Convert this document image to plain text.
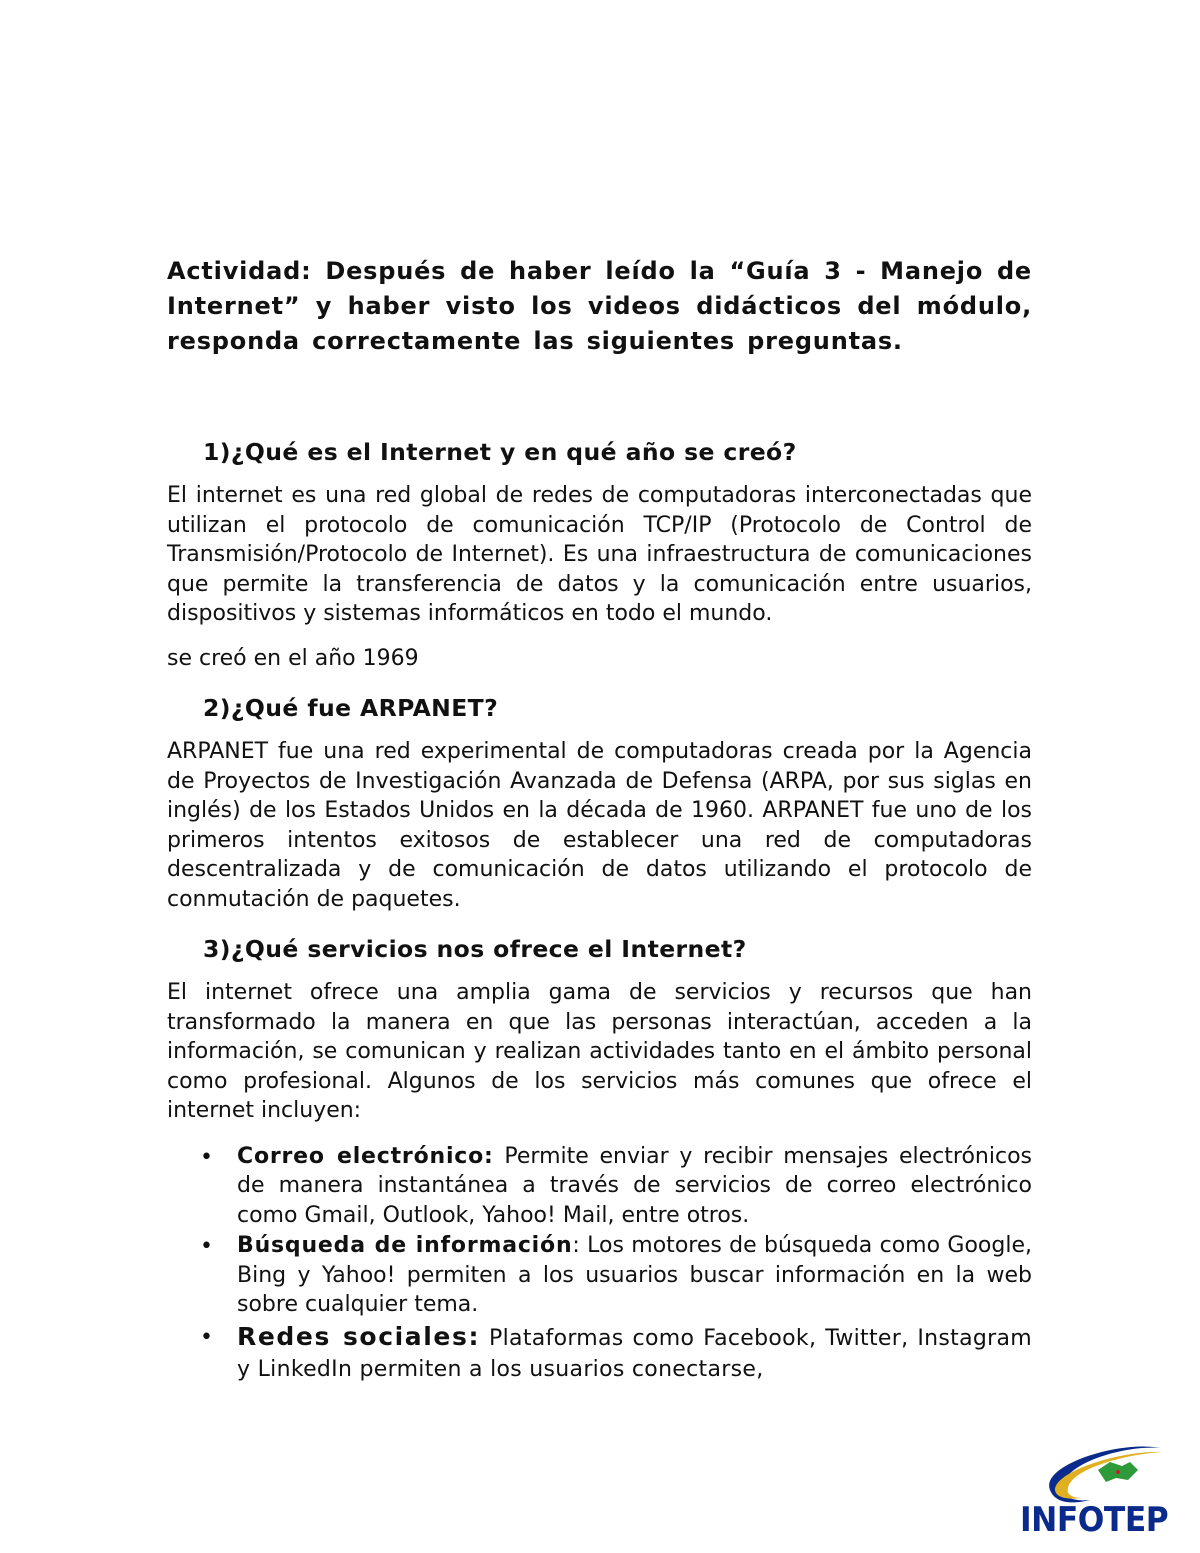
Actividad: Después de haber leído la “Guía 3 - Manejo de Internet” y haber visto los videos didácticos del módulo, responda correctamente las siguientes preguntas.

1)¿Qué es el Internet y en qué año se creó?

El internet es una red global de redes de computadoras interconectadas que utilizan el protocolo de comunicación TCP/IP (Protocolo de Control de Transmisión/Protocolo de Internet). Es una infraestructura de comunicaciones que permite la transferencia de datos y la comunicación entre usuarios, dispositivos y sistemas informáticos en todo el mundo.

se creó en el año 1969

2)¿Qué fue ARPANET?

ARPANET fue una red experimental de computadoras creada por la Agencia de Proyectos de Investigación Avanzada de Defensa (ARPA, por sus siglas en inglés) de los Estados Unidos en la década de 1960. ARPANET fue uno de los primeros intentos exitosos de establecer una red de computadoras descentralizada y de comunicación de datos utilizando el protocolo de conmutación de paquetes.

3)¿Qué servicios nos ofrece el Internet?

El internet ofrece una amplia gama de servicios y recursos que han transformado la manera en que las personas interactúan, acceden a la información, se comunican y realizan actividades tanto en el ámbito personal como profesional. Algunos de los servicios más comunes que ofrece el internet incluyen:

• Correo electrónico: Permite enviar y recibir mensajes electrónicos de manera instantánea a través de servicios de correo electrónico como Gmail, Outlook, Yahoo! Mail, entre otros.
• Búsqueda de información: Los motores de búsqueda como Google, Bing y Yahoo! permiten a los usuarios buscar información en la web sobre cualquier tema.
• Redes sociales: Plataformas como Facebook, Twitter, Instagram y LinkedIn permiten a los usuarios conectarse,
INFOTEP
